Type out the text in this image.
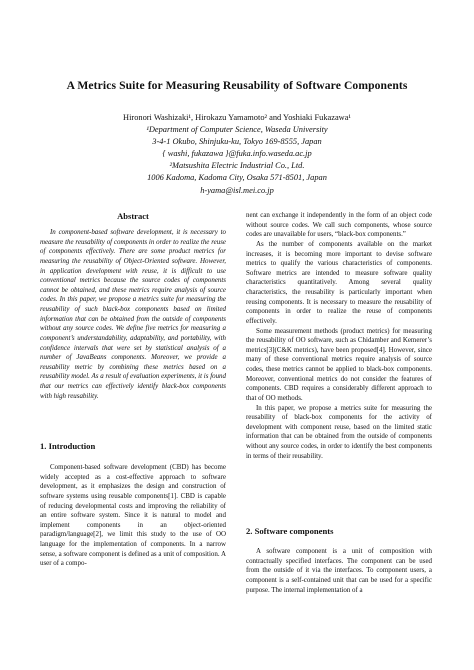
A Metrics Suite for Measuring Reusability of Software Components
Hironori Washizaki¹, Hirokazu Yamamoto² and Yoshiaki Fukazawa¹
¹Department of Computer Science, Waseda University
3-4-1 Okubo, Shinjuku-ku, Tokyo 169-8555, Japan
{ washi, fukazawa }@fuka.info.waseda.ac.jp
²Matsushita Electric Industrial Co., Ltd.
1006 Kadoma, Kadoma City, Osaka 571-8501, Japan
h-yama@isl.mei.co.jp
Abstract

In component-based software development, it is necessary to measure the reusability of components in order to realize the reuse of components effectively. There are some product metrics for measuring the reusability of Object-Oriented software. However, in application development with reuse, it is difficult to use conventional metrics because the source codes of components cannot be obtained, and these metrics require analysis of source codes. In this paper, we propose a metrics suite for measuring the reusability of such black-box components based on limited information that can be obtained from the outside of components without any source codes. We define five metrics for measuring a component’s understandability, adaptability, and portability, with confidence intervals that were set by statistical analysis of a number of JavaBeans components. Moreover, we provide a reusability metric by combining these metrics based on a reusability model. As a result of evaluation experiments, it is found that our metrics can effectively identify black-box components with high reusability.

1. Introduction

Component-based software development (CBD) has become widely accepted as a cost-effective approach to software development, as it emphasizes the design and construction of software systems using reusable components[1]. CBD is capable of reducing developmental costs and improving the reliability of an entire software system. Since it is natural to model and implement components in an object-oriented paradigm/language[2], we limit this study to the use of OO language for the implementation of components. In a narrow sense, a software component is defined as a unit of composition. A user of a compo-

nent can exchange it independently in the form of an object code without source codes. We call such components, whose source codes are unavailable for users, “black-box components.”

As the number of components available on the market increases, it is becoming more important to devise software metrics to qualify the various characteristics of components. Software metrics are intended to measure software quality characteristics quantitatively. Among several quality characteristics, the reusability is particularly important when reusing components. It is necessary to measure the reusability of components in order to realize the reuse of components effectively.

Some measurement methods (product metrics) for measuring the reusability of OO software, such as Chidamber and Kemerer’s metrics[3](C&K metrics), have been proposed[4]. However, since many of these conventional metrics require analysis of source codes, these metrics cannot be applied to black-box components. Moreover, conventional metrics do not consider the features of components. CBD requires a considerably different approach to that of OO methods.

In this paper, we propose a metrics suite for measuring the reusability of black-box components for the activity of development with component reuse, based on the limited static information that can be obtained from the outside of components without any source codes, in order to identify the best components in terms of their reusability.

2. Software components

A software component is a unit of composition with contractually specified interfaces. The component can be used from the outside of it via the interfaces. To component users, a component is a self-contained unit that can be used for a specific purpose. The internal implementation of a
